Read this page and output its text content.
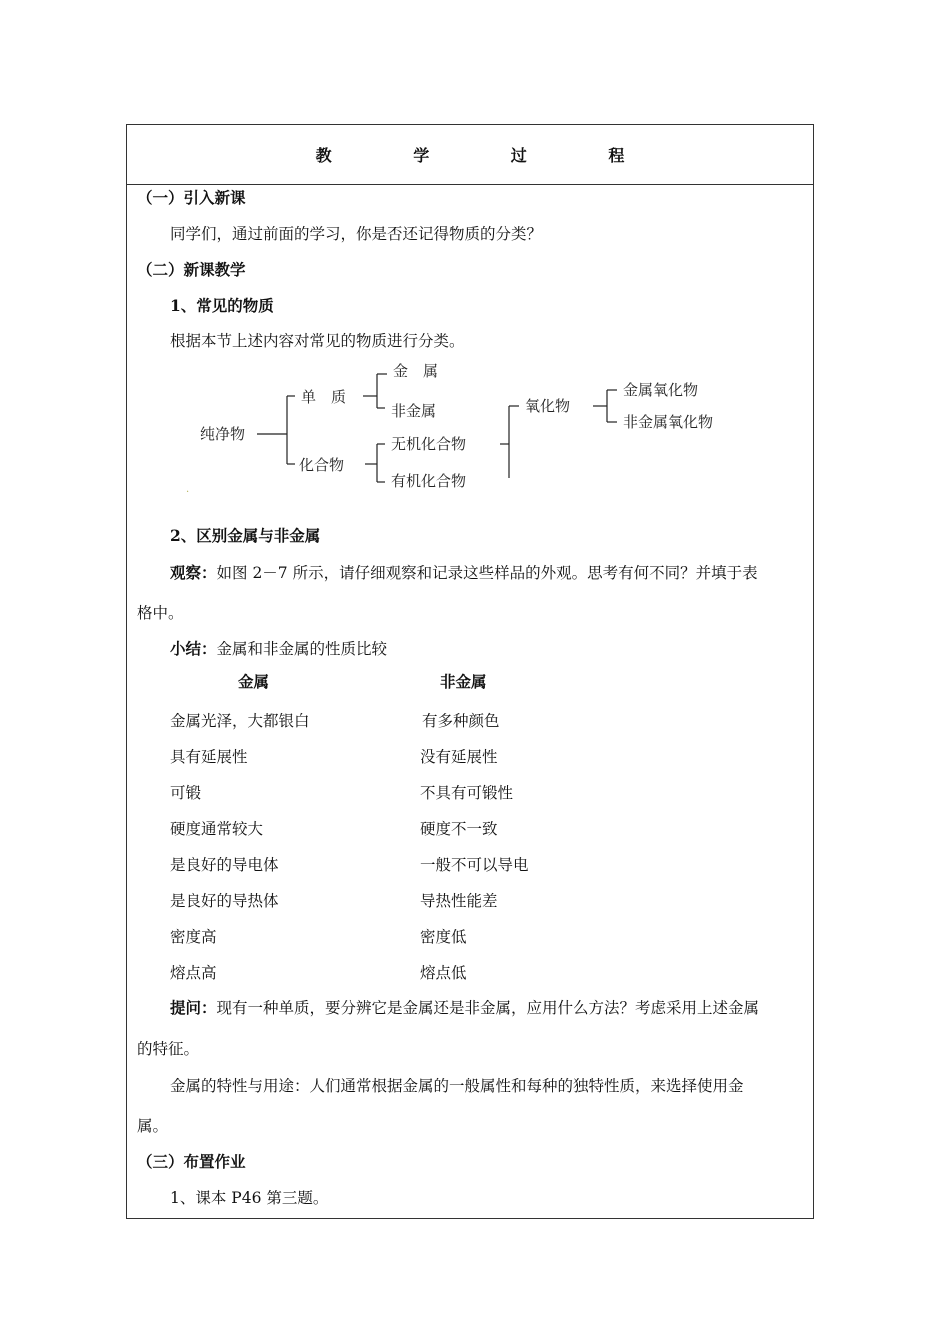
教 学 过 程
（一）引入新课
同学们，通过前面的学习，你是否还记得物质的分类？
（二）新课教学
1、常见的物质
根据本节上述内容对常见的物质进行分类。
纯净物
单　质
化合物
金　属
非金属
无机化合物
有机化合物
氧化物
金属氧化物
非金属氧化物
.
2、区别金属与非金属
观察：如图 2－7 所示，请仔细观察和记录这些样品的外观。思考有何不同？并填于表
格中。
小结：金属和非金属的性质比较
金属	非金属
金属光泽，大都银白	有多种颜色
具有延展性	没有延展性
可锻	不具有可锻性
硬度通常较大	硬度不一致
是良好的导电体	一般不可以导电
是良好的导热体	导热性能差
密度高	密度低
熔点高	熔点低
提问：现有一种单质，要分辨它是金属还是非金属，应用什么方法？考虑采用上述金属
的特征。
金属的特性与用途：人们通常根据金属的一般属性和每种的独特性质，来选择使用金
属。
（三）布置作业
1、课本 P46 第三题。
